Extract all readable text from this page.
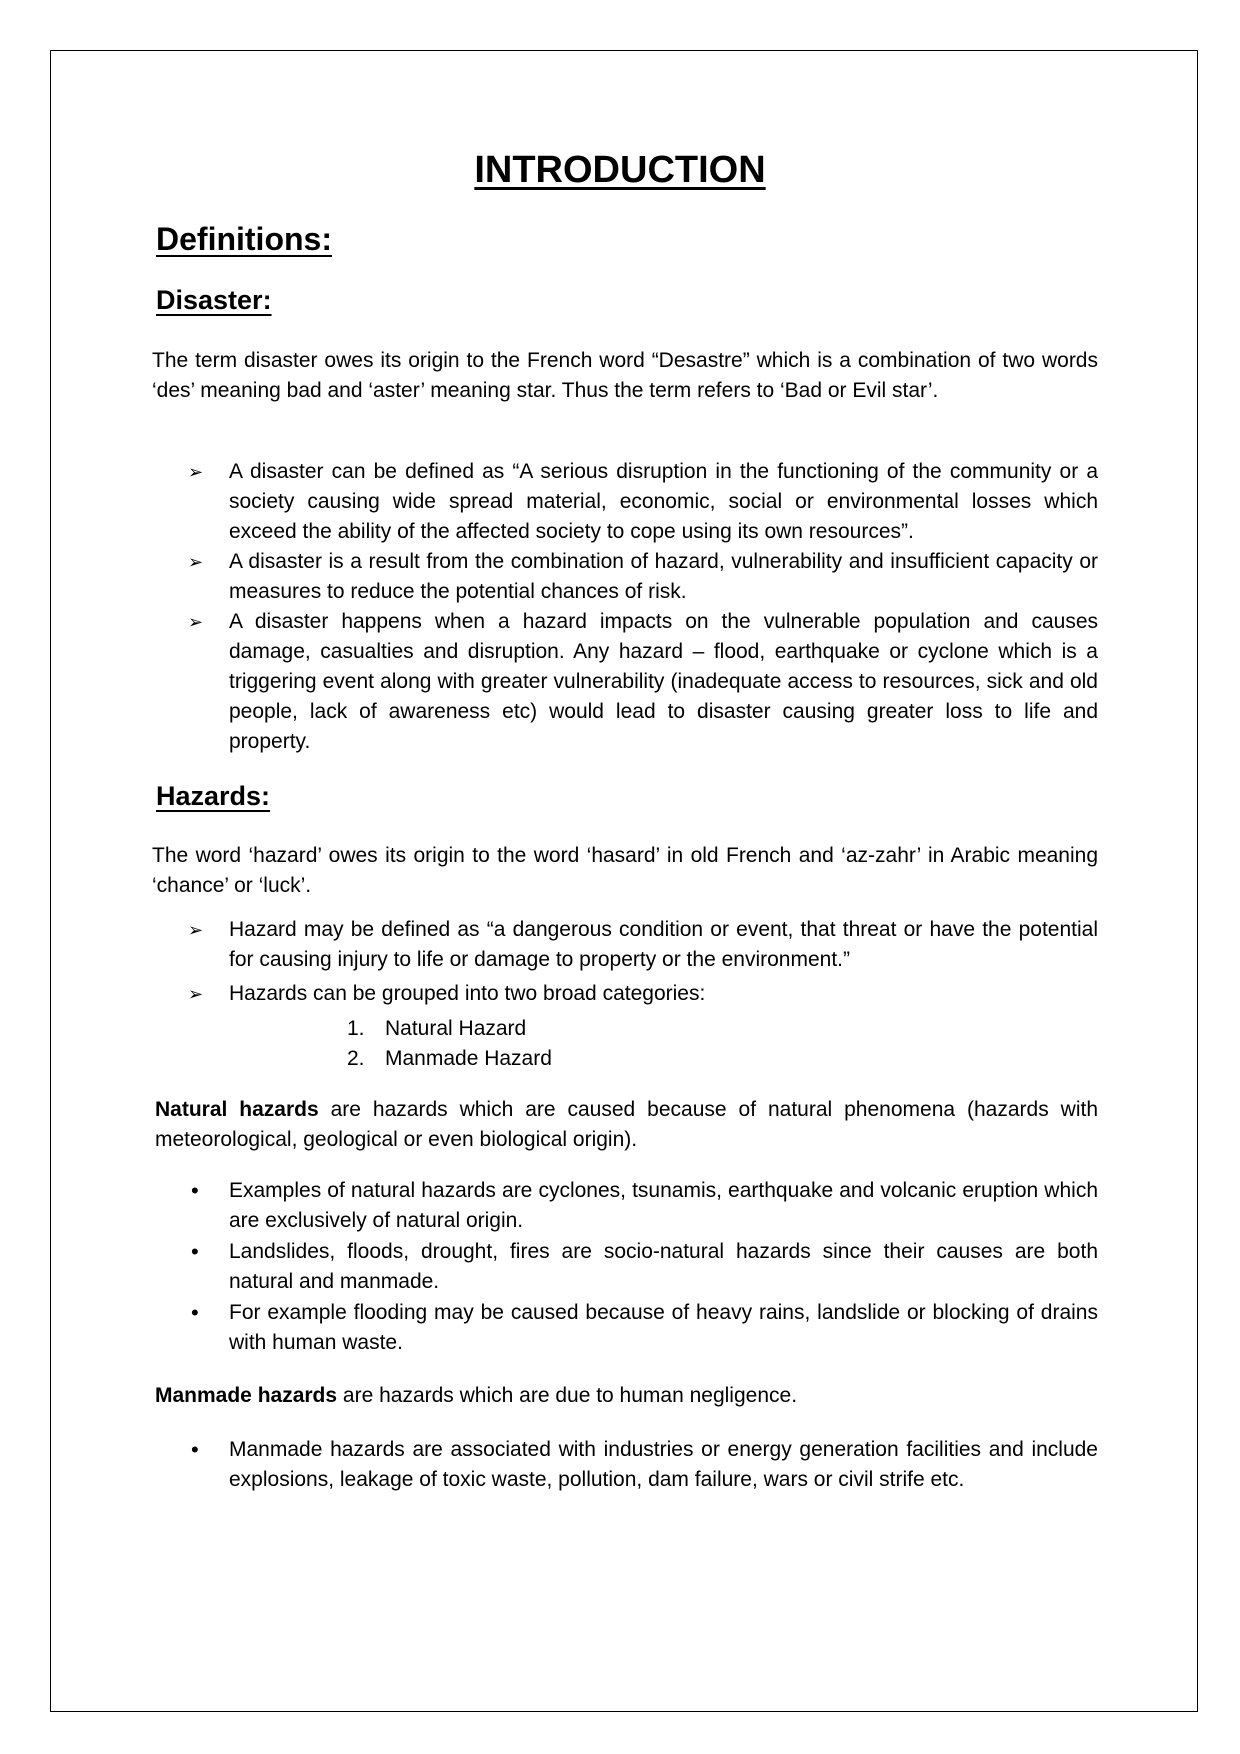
INTRODUCTION
Definitions:
Disaster:

The term disaster owes its origin to the French word “Desastre” which is a combination of two words ‘des’ meaning bad and ‘aster’ meaning star. Thus the term refers to ‘Bad or Evil star’.

➢	A disaster can be defined as “A serious disruption in the functioning of the community or a society causing wide spread material, economic, social or environmental losses which exceed the ability of the affected society to cope using its own resources”.
➢	A disaster is a result from the combination of hazard, vulnerability and insufficient capacity or measures to reduce the potential chances of risk.
➢	A disaster happens when a hazard impacts on the vulnerable population and causes damage, casualties and disruption. Any hazard – flood, earthquake or cyclone which is a triggering event along with greater vulnerability (inadequate access to resources, sick and old people, lack of awareness etc) would lead to disaster causing greater loss to life and property.
Hazards:

The word ‘hazard’ owes its origin to the word ‘hasard’ in old French and ‘az-zahr’ in Arabic meaning ‘chance’ or ‘luck’.

➢	Hazard may be defined as “a dangerous condition or event, that threat or have the potential for causing injury to life or damage to property or the environment.”
➢	Hazards can be grouped into two broad categories:
1. Natural Hazard
2. Manmade Hazard

Natural hazards are hazards which are caused because of natural phenomena (hazards with meteorological, geological or even biological origin).

• Examples of natural hazards are cyclones, tsunamis, earthquake and volcanic eruption which are exclusively of natural origin.
• Landslides, floods, drought, fires are socio-natural hazards since their causes are both natural and manmade.
• For example flooding may be caused because of heavy rains, landslide or blocking of drains with human waste.

Manmade hazards are hazards which are due to human negligence.

• Manmade hazards are associated with industries or energy generation facilities and include explosions, leakage of toxic waste, pollution, dam failure, wars or civil strife etc.
